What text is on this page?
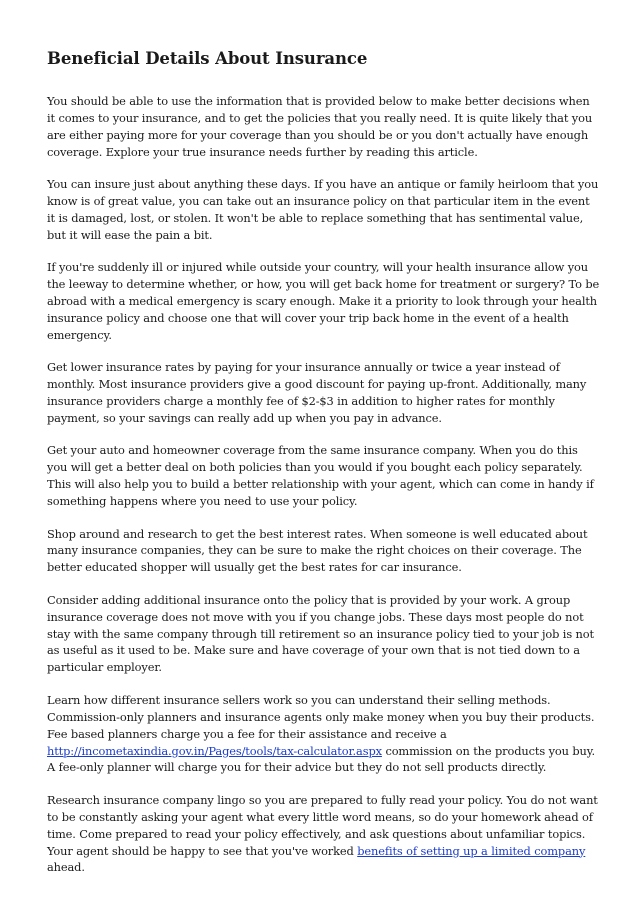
Beneficial Details About Insurance

You should be able to use the information that is provided below to make better decisions when it comes to your insurance, and to get the policies that you really need. It is quite likely that you are either paying more for your coverage than you should be or you don't actually have enough coverage. Explore your true insurance needs further by reading this article.

You can insure just about anything these days. If you have an antique or family heirloom that you know is of great value, you can take out an insurance policy on that particular item in the event it is damaged, lost, or stolen. It won't be able to replace something that has sentimental value, but it will ease the pain a bit.

If you're suddenly ill or injured while outside your country, will your health insurance allow you the leeway to determine whether, or how, you will get back home for treatment or surgery? To be abroad with a medical emergency is scary enough. Make it a priority to look through your health insurance policy and choose one that will cover your trip back home in the event of a health emergency.

Get lower insurance rates by paying for your insurance annually or twice a year instead of monthly. Most insurance providers give a good discount for paying up-front. Additionally, many insurance providers charge a monthly fee of $2-$3 in addition to higher rates for monthly payment, so your savings can really add up when you pay in advance.

Get your auto and homeowner coverage from the same insurance company. When you do this you will get a better deal on both policies than you would if you bought each policy separately. This will also help you to build a better relationship with your agent, which can come in handy if something happens where you need to use your policy.

Shop around and research to get the best interest rates. When someone is well educated about many insurance companies, they can be sure to make the right choices on their coverage. The better educated shopper will usually get the best rates for car insurance.

Consider adding additional insurance onto the policy that is provided by your work. A group insurance coverage does not move with you if you change jobs. These days most people do not stay with the same company through till retirement so an insurance policy tied to your job is not as useful as it used to be. Make sure and have coverage of your own that is not tied down to a particular employer.

Learn how different insurance sellers work so you can understand their selling methods. Commission-only planners and insurance agents only make money when you buy their products. Fee based planners charge you a fee for their assistance and receive a http://incometaxindia.gov.in/Pages/tools/tax-calculator.aspx commission on the products you buy. A fee-only planner will charge you for their advice but they do not sell products directly.

Research insurance company lingo so you are prepared to fully read your policy. You do not want to be constantly asking your agent what every little word means, so do your homework ahead of time. Come prepared to read your policy effectively, and ask questions about unfamiliar topics. Your agent should be happy to see that you've worked benefits of setting up a limited company ahead.
